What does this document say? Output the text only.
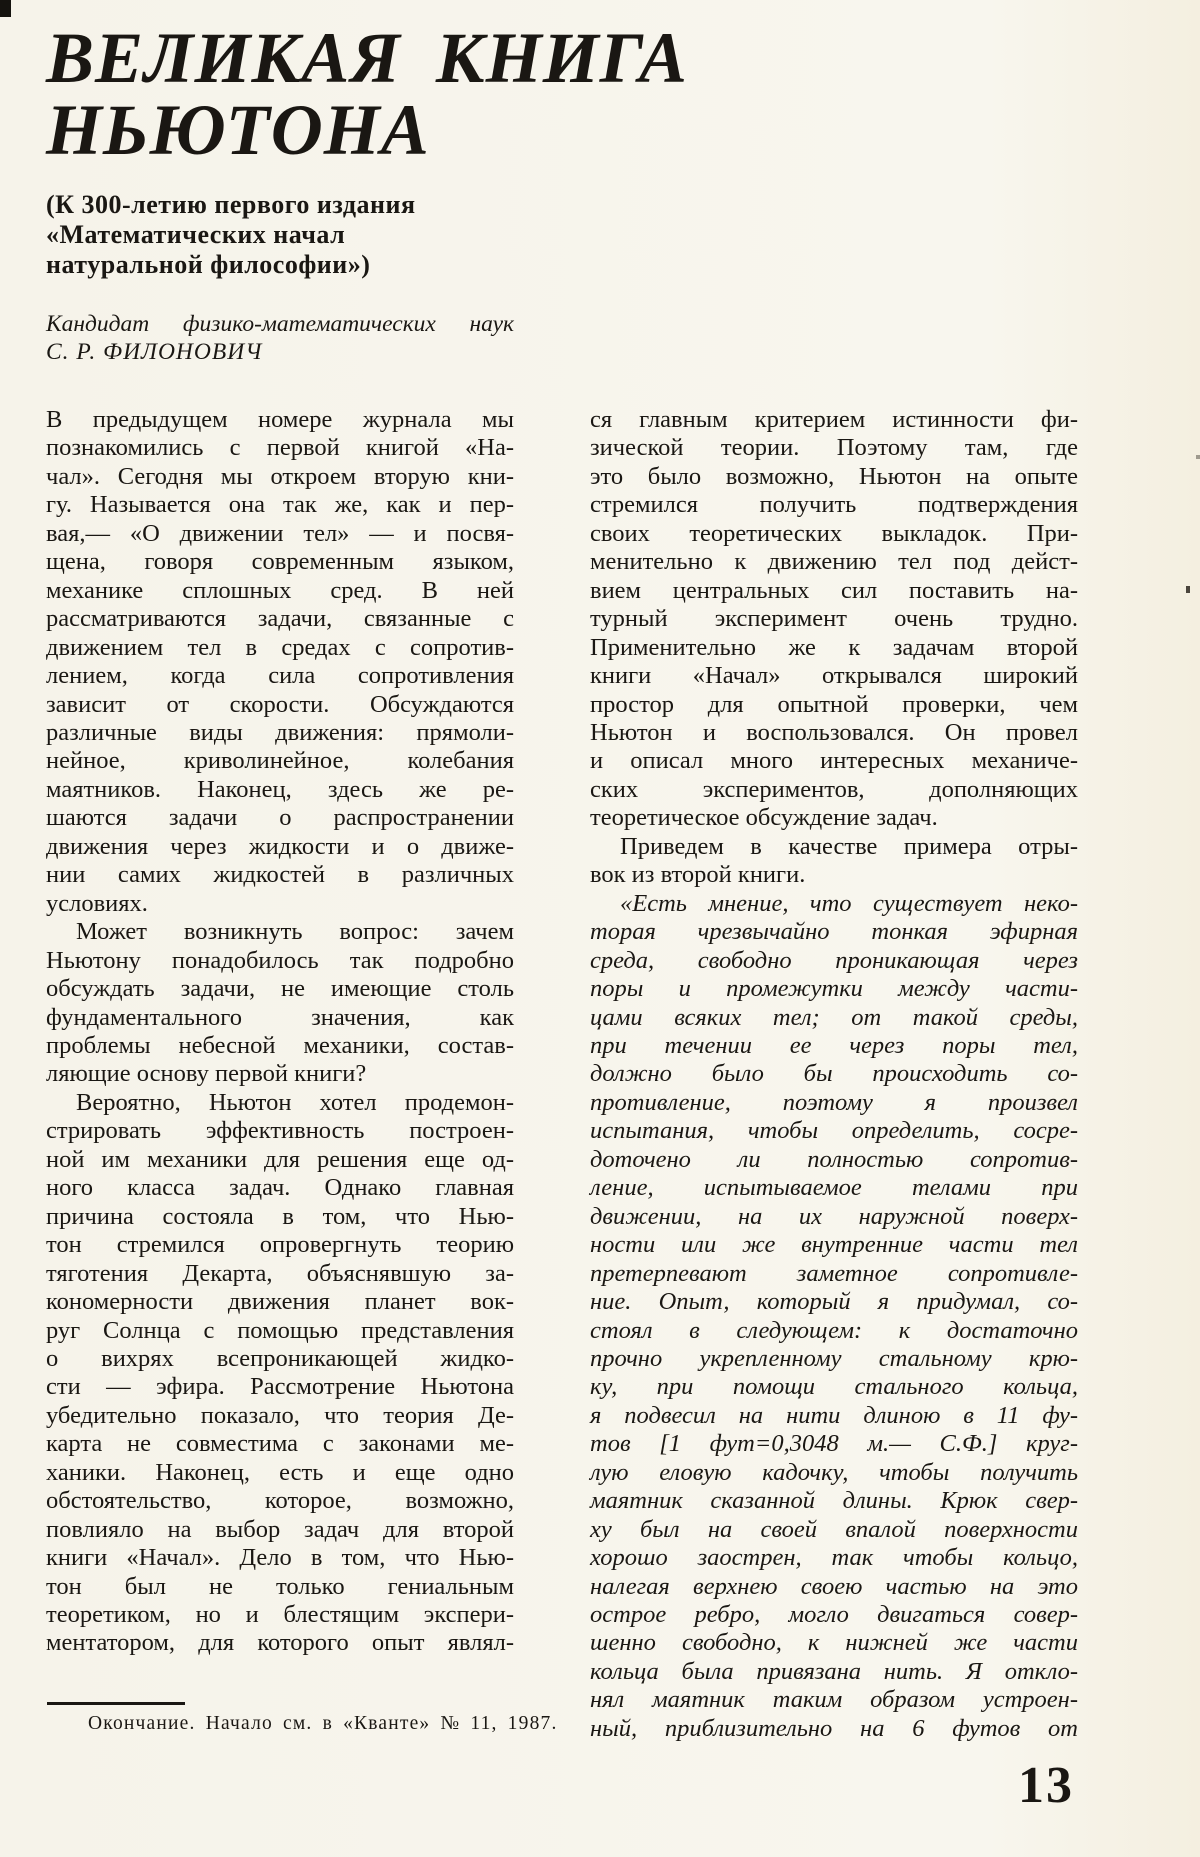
ВЕЛИКАЯ КНИГА
НЬЮТОНА
(К 300-летию первого издания
«Математических начал
натуральной философии»)
Кандидат физико-математических наук
С. Р. ФИЛОНОВИЧ
В предыдущем номере журнала мы
познакомились с первой книгой «На-
чал». Сегодня мы откроем вторую кни-
гу. Называется она так же, как и пер-
вая,— «О движении тел» — и посвя-
щена, говоря современным языком,
механике сплошных сред. В ней
рассматриваются задачи, связанные с
движением тел в средах с сопротив-
лением, когда сила сопротивления
зависит от скорости. Обсуждаются
различные виды движения: прямоли-
нейное, криволинейное, колебания
маятников. Наконец, здесь же ре-
шаются задачи о распространении
движения через жидкости и о движе-
нии самих жидкостей в различных
условиях.
Может возникнуть вопрос: зачем
Ньютону понадобилось так подробно
обсуждать задачи, не имеющие столь
фундаментального значения, как
проблемы небесной механики, состав-
ляющие основу первой книги?
Вероятно, Ньютон хотел продемон-
стрировать эффективность построен-
ной им механики для решения еще од-
ного класса задач. Однако главная
причина состояла в том, что Нью-
тон стремился опровергнуть теорию
тяготения Декарта, объяснявшую за-
кономерности движения планет вок-
руг Солнца с помощью представления
о вихрях всепроникающей жидко-
сти — эфира. Рассмотрение Ньютона
убедительно показало, что теория Де-
карта не совместима с законами ме-
ханики. Наконец, есть и еще одно
обстоятельство, которое, возможно,
повлияло на выбор задач для второй
книги «Начал». Дело в том, что Нью-
тон был не только гениальным
теоретиком, но и блестящим экспери-
ментатором, для которого опыт являл-
ся главным критерием истинности фи-
зической теории. Поэтому там, где
это было возможно, Ньютон на опыте
стремился получить подтверждения
своих теоретических выкладок. При-
менительно к движению тел под дейст-
вием центральных сил поставить на-
турный эксперимент очень трудно.
Применительно же к задачам второй
книги «Начал» открывался широкий
простор для опытной проверки, чем
Ньютон и воспользовался. Он провел
и описал много интересных механиче-
ских экспериментов, дополняющих
теоретическое обсуждение задач.
Приведем в качестве примера отры-
вок из второй книги.
«Есть мнение, что существует неко-
торая чрезвычайно тонкая эфирная
среда, свободно проникающая через
поры и промежутки между части-
цами всяких тел; от такой среды,
при течении ее через поры тел,
должно было бы происходить со-
противление, поэтому я произвел
испытания, чтобы определить, сосре-
доточено ли полностью сопротив-
ление, испытываемое телами при
движении, на их наружной поверх-
ности или же внутренние части тел
претерпевают заметное сопротивле-
ние. Опыт, который я придумал, со-
стоял в следующем: к достаточно
прочно укрепленному стальному крю-
ку, при помощи стального кольца,
я подвесил на нити длиною в 11 фу-
тов [1 фут=0,3048 м.— С.Ф.] круг-
лую еловую кадочку, чтобы получить
маятник сказанной длины. Крюк свер-
ху был на своей впалой поверхности
хорошо заострен, так чтобы кольцо,
налегая верхнею своею частью на это
острое ребро, могло двигаться совер-
шенно свободно, к нижней же части
кольца была привязана нить. Я откло-
нял маятник таким образом устроен-
ный, приблизительно на 6 футов от
Окончание. Начало см. в «Кванте» № 11, 1987.
13
